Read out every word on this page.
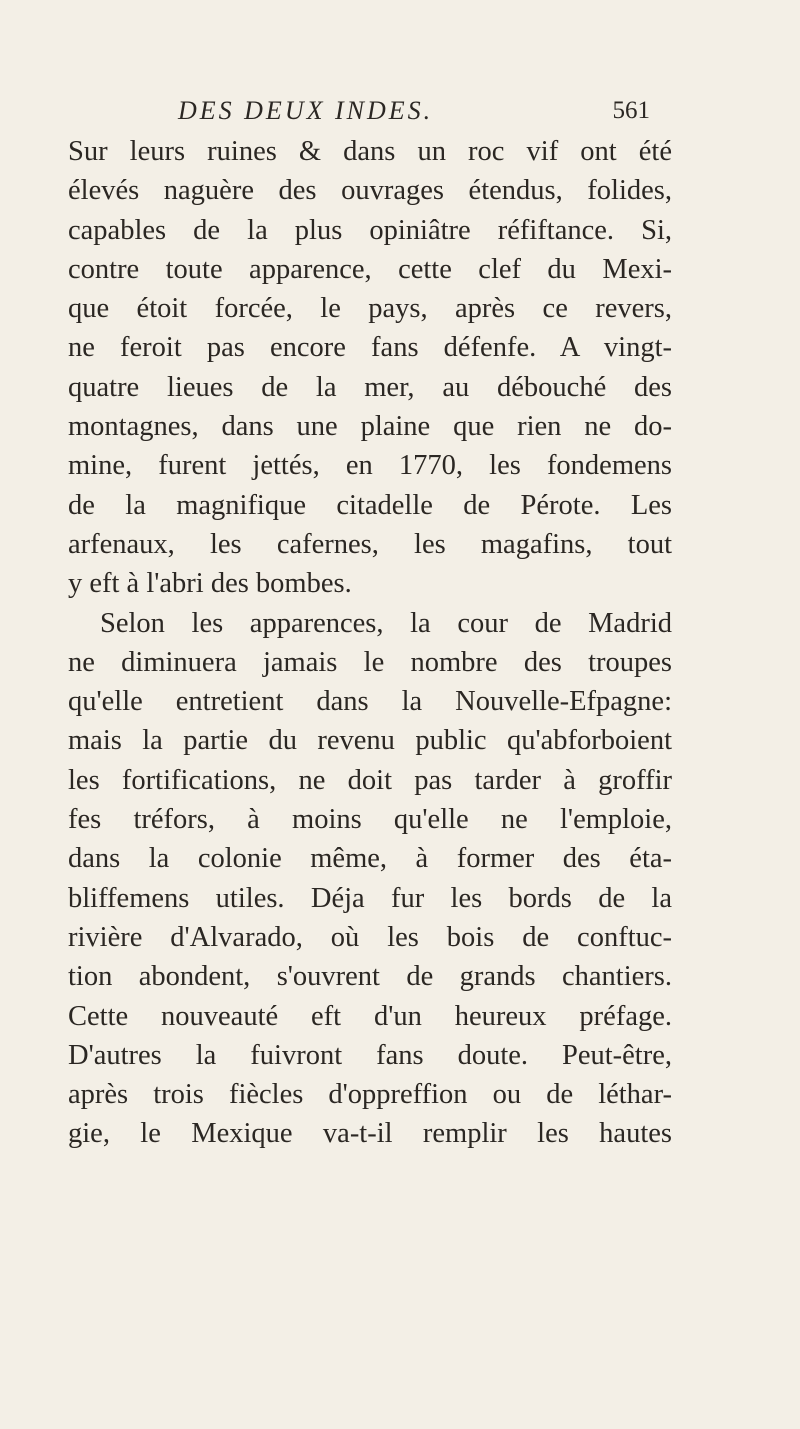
DES DEUX INDES.	561
Sur leurs ruines & dans un roc vif ont été
élevés naguère des ouvrages étendus, folides,
capables de la plus opiniâtre réfiftance. Si,
contre toute apparence, cette clef du Mexi-
que étoit forcée, le pays, après ce revers,
ne feroit pas encore fans défenfe. A vingt-
quatre lieues de la mer, au débouché des
montagnes, dans une plaine que rien ne do-
mine, furent jettés, en 1770, les fondemens
de la magnifique citadelle de Pérote. Les
arfenaux, les cafernes, les magafins, tout
y eft à l'abri des bombes.
Selon les apparences, la cour de Madrid
ne diminuera jamais le nombre des troupes
qu'elle entretient dans la Nouvelle-Efpagne:
mais la partie du revenu public qu'abforboient
les fortifications, ne doit pas tarder à groffir
fes tréfors, à moins qu'elle ne l'emploie,
dans la colonie même, à former des éta-
bliffemens utiles. Déja fur les bords de la
rivière d'Alvarado, où les bois de conftuc-
tion abondent, s'ouvrent de grands chantiers.
Cette nouveauté eft d'un heureux préfage.
D'autres la fuivront fans doute. Peut-être,
après trois fiècles d'oppreffion ou de léthar-
gie, le Mexique va-t-il remplir les hautes
